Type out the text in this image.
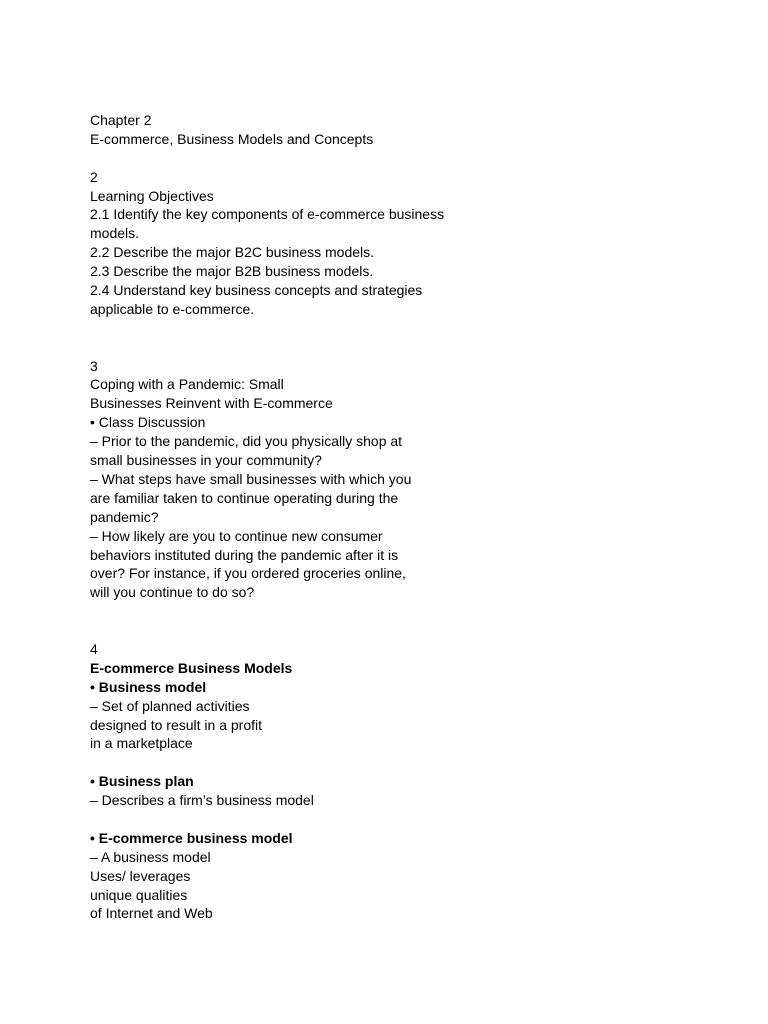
Chapter 2
E-commerce, Business Models and Concepts
2
Learning Objectives
2.1 Identify the key components of e-commerce business
models.
2.2 Describe the major B2C business models.
2.3 Describe the major B2B business models.
2.4 Understand key business concepts and strategies
applicable to e-commerce.
3
Coping with a Pandemic: Small
Businesses Reinvent with E-commerce
• Class Discussion
– Prior to the pandemic, did you physically shop at
small businesses in your community?
– What steps have small businesses with which you
are familiar taken to continue operating during the
pandemic?
– How likely are you to continue new consumer
behaviors instituted during the pandemic after it is
over? For instance, if you ordered groceries online,
will you continue to do so?
4
E-commerce Business Models
• Business model
– Set of planned activities
designed to result in a profit
in a marketplace
• Business plan
– Describes a firm’s business model
• E-commerce business model
– A business model
Uses/ leverages
unique qualities
of Internet and Web
